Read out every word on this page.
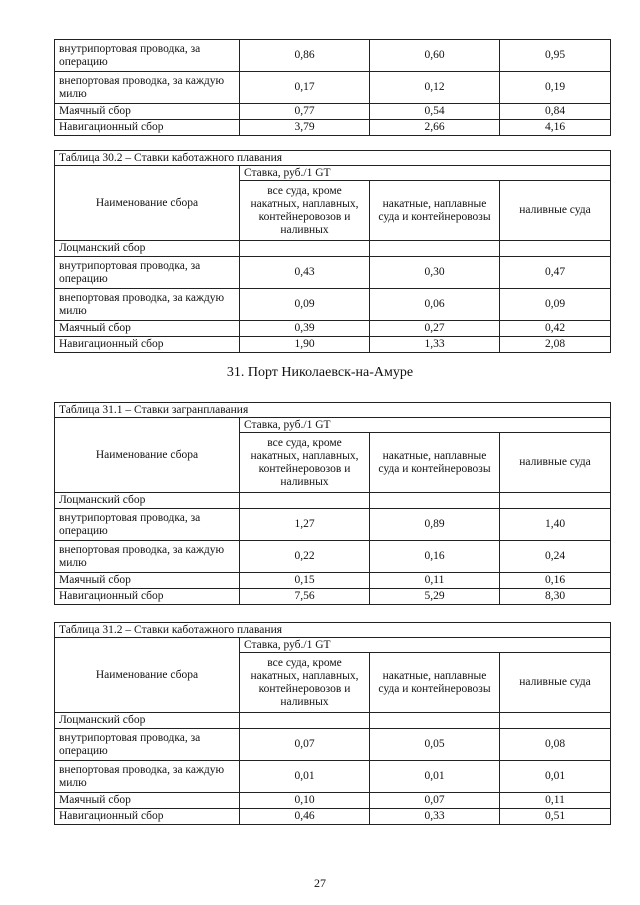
внутрипортовая проводка, за операцию	0,86	0,60	0,95
внепортовая проводка, за каждую милю	0,17	0,12	0,19
Маячный сбор	0,77	0,54	0,84
Навигационный сбор	3,79	2,66	4,16
Таблица 30.2 – Ставки каботажного плавания			
Наименование сбора	Ставка, руб./1 GT		
	все суда, кроме накатных, наплавных, контейнеровозов и наливных	накатные, наплавные суда и контейнеровозы	наливные суда
Лоцманский сбор			
внутрипортовая проводка, за операцию	0,43	0,30	0,47
внепортовая проводка, за каждую милю	0,09	0,06	0,09
Маячный сбор	0,39	0,27	0,42
Навигационный сбор	1,90	1,33	2,08
31. Порт Николаевск-на-Амуре
Таблица 31.1 – Ставки загранплавания			
Наименование сбора	Ставка, руб./1 GT		
	все суда, кроме накатных, наплавных, контейнеровозов и наливных	накатные, наплавные суда и контейнеровозы	наливные суда
Лоцманский сбор			
внутрипортовая проводка, за операцию	1,27	0,89	1,40
внепортовая проводка, за каждую милю	0,22	0,16	0,24
Маячный сбор	0,15	0,11	0,16
Навигационный сбор	7,56	5,29	8,30
Таблица 31.2 – Ставки каботажного плавания			
Наименование сбора	Ставка, руб./1 GT		
	все суда, кроме накатных, наплавных, контейнеровозов и наливных	накатные, наплавные суда и контейнеровозы	наливные суда
Лоцманский сбор			
внутрипортовая проводка, за операцию	0,07	0,05	0,08
внепортовая проводка, за каждую милю	0,01	0,01	0,01
Маячный сбор	0,10	0,07	0,11
Навигационный сбор	0,46	0,33	0,51
27
